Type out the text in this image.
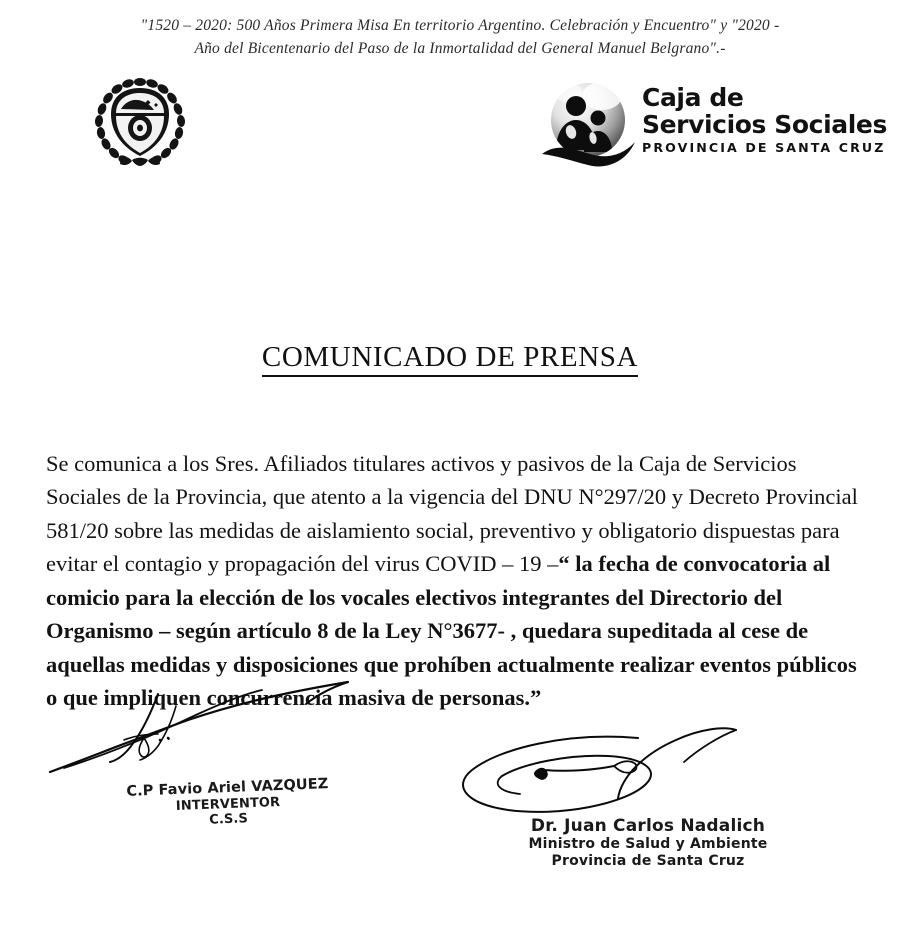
"1520 – 2020: 500 Años Primera Misa En territorio Argentino. Celebración y Encuentro" y "2020 -
Año del Bicentenario del Paso de la Inmortalidad del General Manuel Belgrano".-
Caja de
Servicios Sociales
PROVINCIA DE SANTA CRUZ
COMUNICADO DE PRENSA

Se comunica a los Sres. Afiliados titulares activos y pasivos de la Caja de Servicios Sociales de la Provincia, que atento a la vigencia del DNU N°297/20 y Decreto Provincial 581/20 sobre las medidas de aislamiento social, preventivo y obligatorio dispuestas para evitar el contagio y propagación del virus COVID – 19 –“ la fecha de convocatoria al comicio para la elección de los vocales electivos integrantes del Directorio del Organismo – según artículo 8 de la Ley N°3677- , quedara supeditada al cese de aquellas medidas y disposiciones que prohíben actualmente realizar eventos públicos o que impliquen concurrencia masiva de personas.”

C.P Favio Ariel VAZQUEZ
INTERVENTOR
C.S.S	Dr. Juan Carlos Nadalich
Ministro de Salud y Ambiente
Provincia de Santa Cruz
